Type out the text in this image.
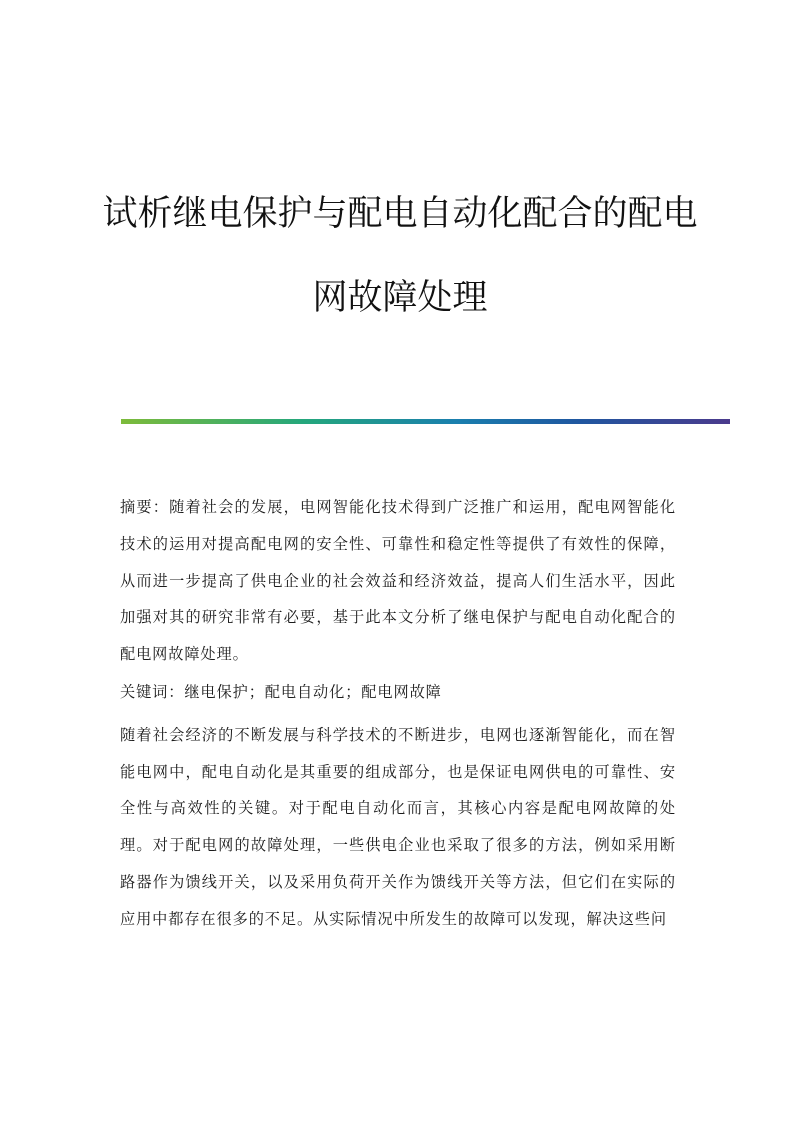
试析继电保护与配电自动化配合的配电
网故障处理

摘要：随着社会的发展，电网智能化技术得到广泛推广和运用，配电网智能化技术的运用对提高配电网的安全性、可靠性和稳定性等提供了有效性的保障，从而进一步提高了供电企业的社会效益和经济效益，提高人们生活水平，因此加强对其的研究非常有必要，基于此本文分析了继电保护与配电自动化配合的配电网故障处理。

关键词：继电保护；配电自动化；配电网故障

随着社会经济的不断发展与科学技术的不断进步，电网也逐渐智能化，而在智能电网中，配电自动化是其重要的组成部分，也是保证电网供电的可靠性、安全性与高效性的关键。对于配电自动化而言，其核心内容是配电网故障的处理。对于配电网的故障处理，一些供电企业也采取了很多的方法，例如采用断路器作为馈线开关，以及采用负荷开关作为馈线开关等方法，但它们在实际的应用中都存在很多的不足。从实际情况中所发生的故障可以发现，解决这些问
